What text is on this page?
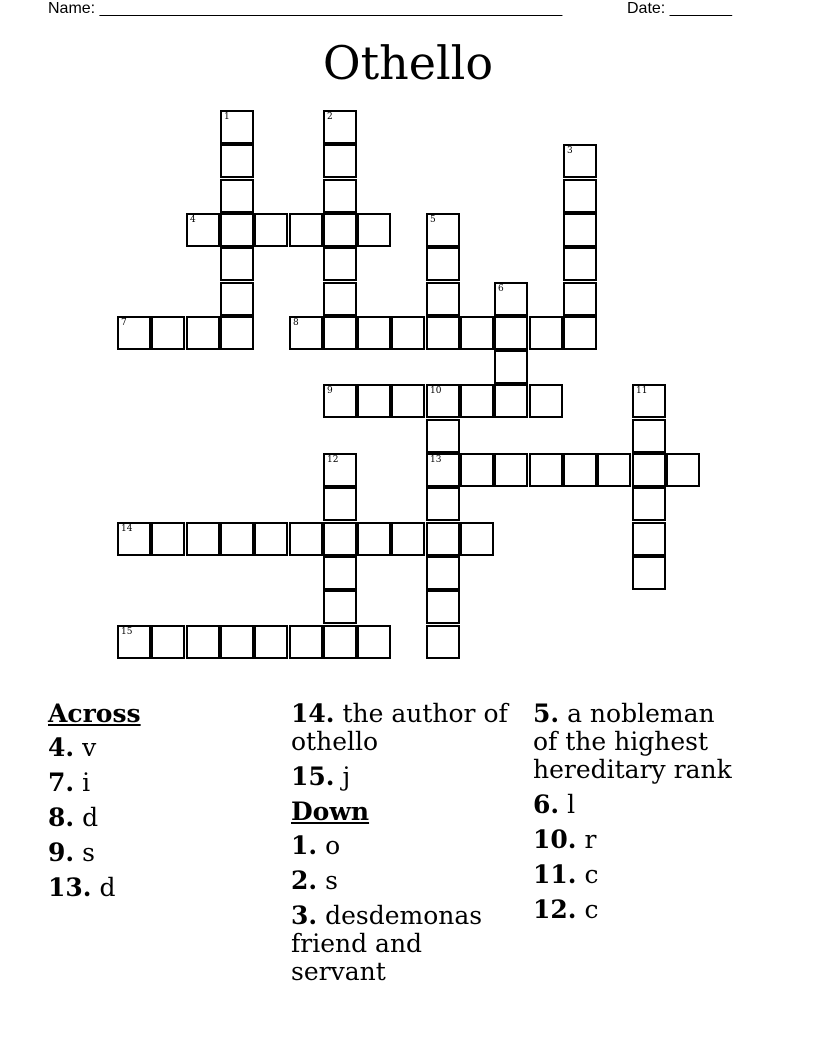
Name: ____________________________________________________

	Date: _______

Othello
4
7	8
9	10
13
14
15
1	2
3
5
6
11
12
Across
4. v
7. i
8. d
9. s
13. d
14. the author of othello
15. j
Down
1. o
2. s
3. desdemonas friend and servant
5. a nobleman of the highest hereditary rank
6. l
10. r
11. c
12. c
